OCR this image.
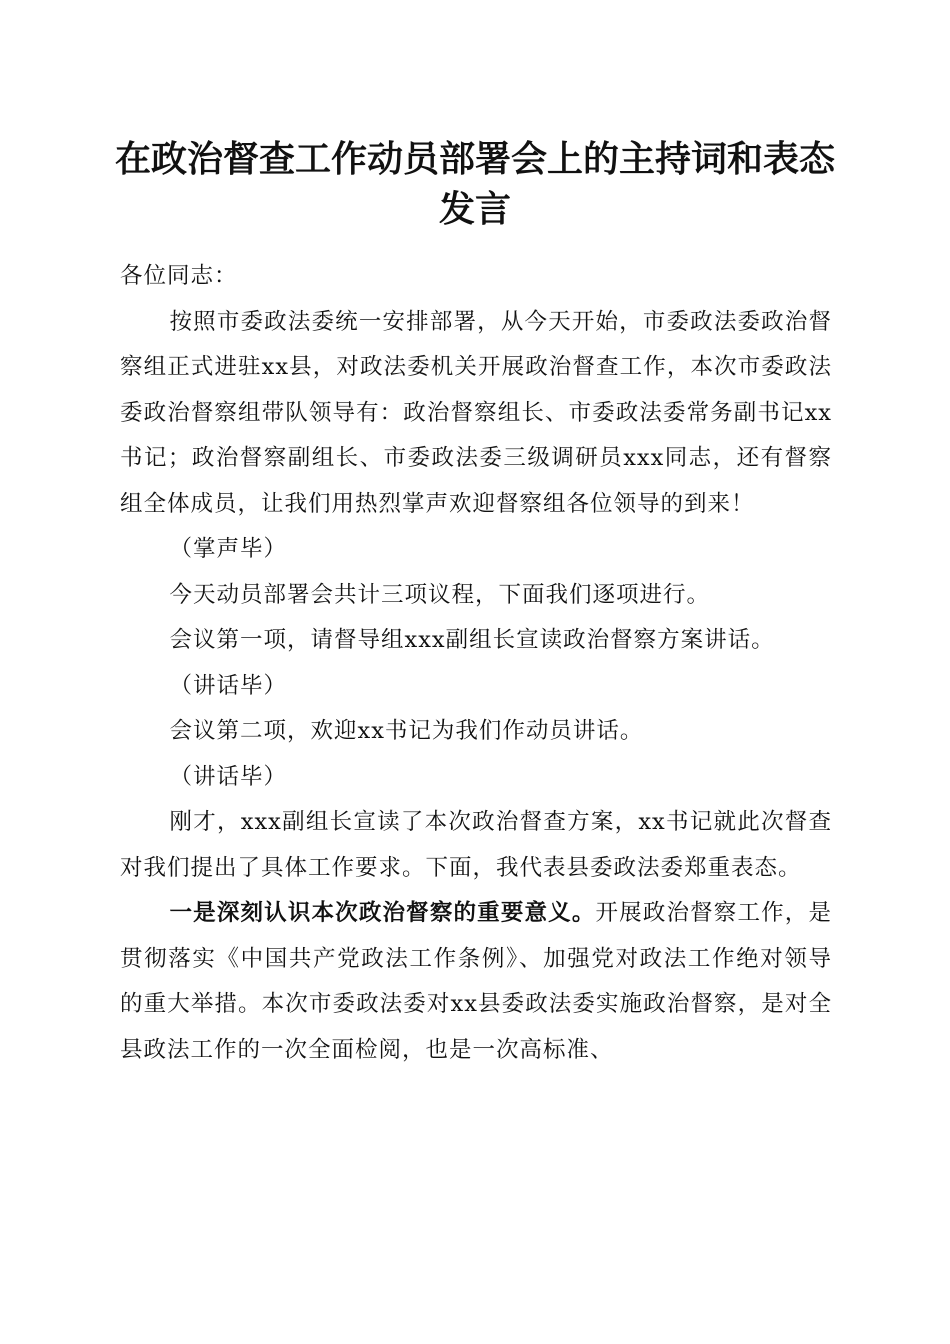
在政治督查工作动员部署会上的主持词和表态
发言

各位同志：

按照市委政法委统一安排部署，从今天开始，市委政法委政治督察组正式进驻xx县，对政法委机关开展政治督查工作，本次市委政法委政治督察组带队领导有：政治督察组长、市委政法委常务副书记xx书记；政治督察副组长、市委政法委三级调研员xxx同志，还有督察组全体成员，让我们用热烈掌声欢迎督察组各位领导的到来！

（掌声毕）

今天动员部署会共计三项议程，下面我们逐项进行。

会议第一项，请督导组xxx副组长宣读政治督察方案讲话。

（讲话毕）

会议第二项，欢迎xx书记为我们作动员讲话。

（讲话毕）

刚才，xxx副组长宣读了本次政治督查方案，xx书记就此次督查对我们提出了具体工作要求。下面，我代表县委政法委郑重表态。

一是深刻认识本次政治督察的重要意义。开展政治督察工作，是贯彻落实《中国共产党政法工作条例》、加强党对政法工作绝对领导的重大举措。本次市委政法委对xx县委政法委实施政治督察，是对全县政法工作的一次全面检阅，也是一次高标准、
